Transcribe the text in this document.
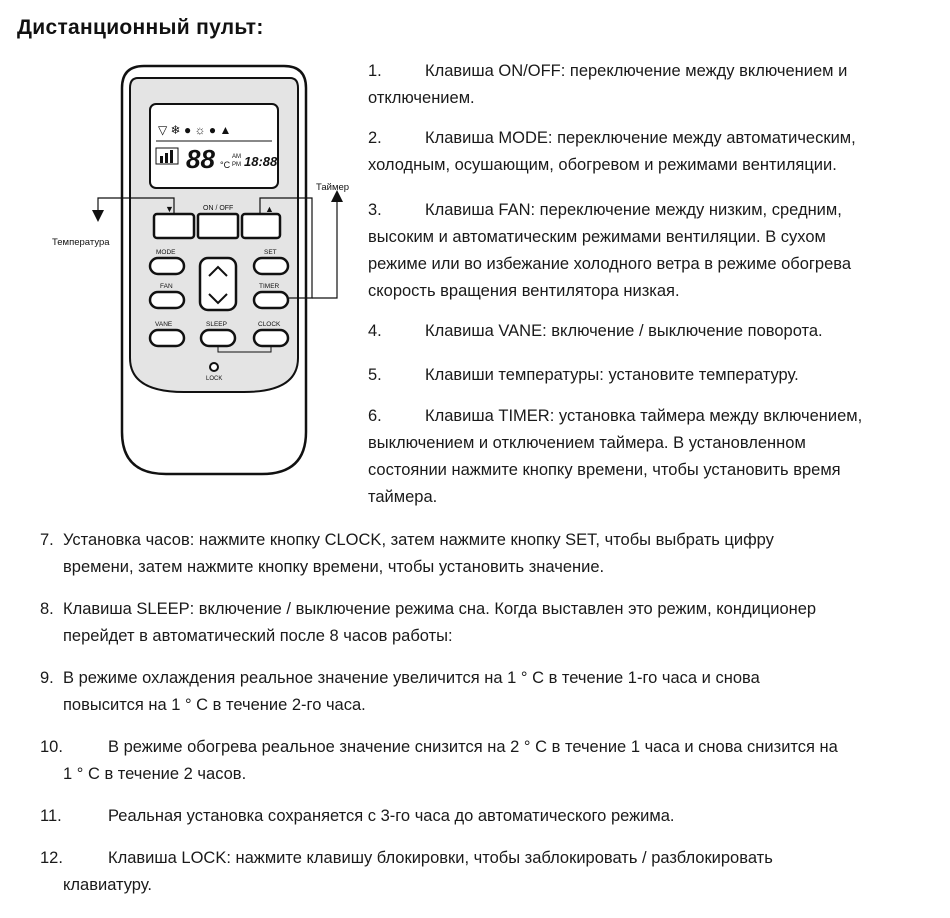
Дистанционный пульт:
▽ ❄ ● ☼ ● ▲
88 °C
AM
PM 18:88
▼	ON / OFF	▲
MODE	SET
FAN	TIMER
VANE	SLEEP	CLOCK
LOCK
Таймер
Температура
1.	Клавиша ON/OFF: переключение между включением и
отключением.
2.	Клавиша MODE: переключение между автоматическим,
холодным, осушающим, обогревом и режимами вентиляции.
3.	Клавиша FAN: переключение между низким, средним,
высоким и автоматическим режимами вентиляции. В сухом
режиме или во избежание холодного ветра в режиме обогрева
скорость вращения вентилятора низкая.
4.	Клавиша VANE: включение / выключение поворота.
5.	Клавиши температуры: установите температуру.
6.	Клавиша TIMER: установка таймера между включением,
выключением и отключением таймера. В установленном
состоянии нажмите кнопку времени, чтобы установить время
таймера.
7. Установка часов: нажмите кнопку CLOCK, затем нажмите кнопку SET, чтобы выбрать цифру
времени, затем нажмите кнопку времени, чтобы установить значение.
8. Клавиша SLEEP: включение / выключение режима сна. Когда выставлен это режим, кондиционер
перейдет в автоматический после 8 часов работы:
9. В режиме охлаждения реальное значение увеличится на 1 ° С в течение 1-го часа и снова
повысится на 1 ° С в течение 2-го часа.
10.	В режиме обогрева реальное значение снизится на 2 ° С в течение 1 часа и снова снизится на
1 ° С в течение 2 часов.
11.	Реальная установка сохраняется с 3-го часа до автоматического режима.
12.	Клавиша LOCK: нажмите клавишу блокировки, чтобы заблокировать / разблокировать
клавиатуру.
